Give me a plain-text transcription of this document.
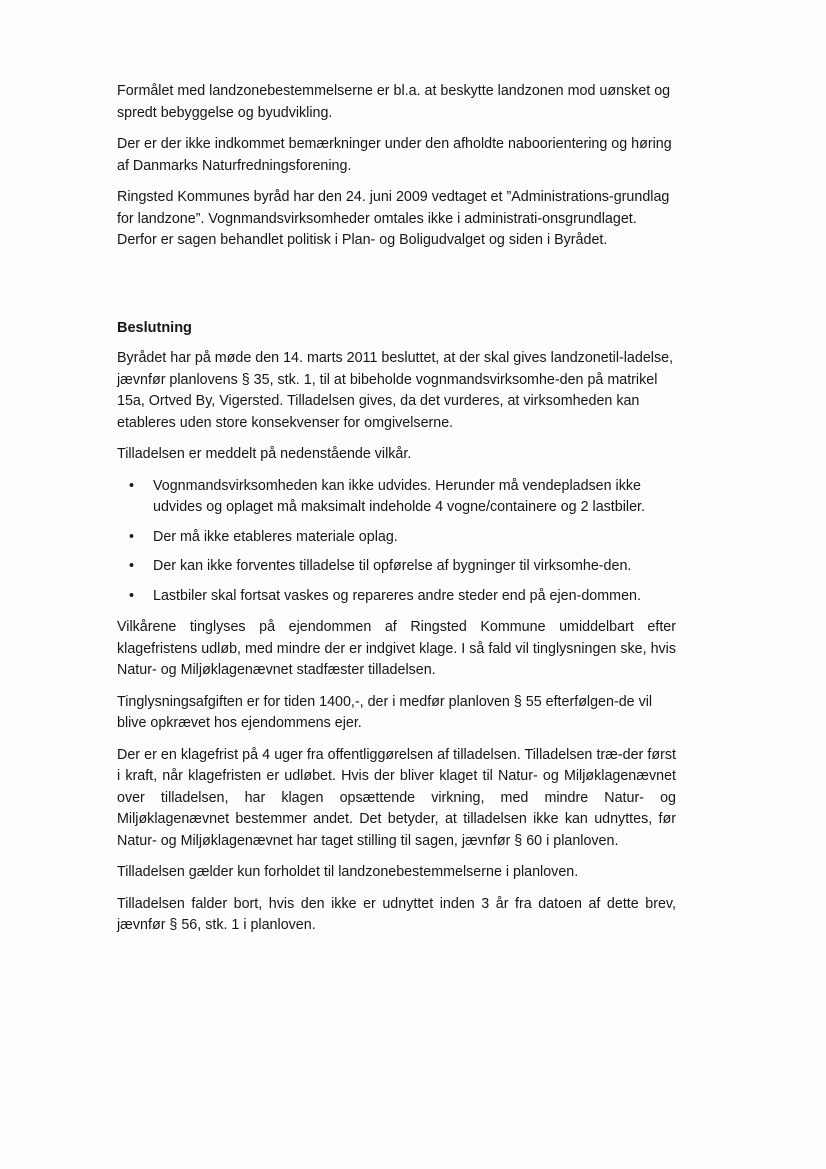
Formålet med landzonebestemmelserne er bl.a. at beskytte landzonen mod uønsket og spredt bebyggelse og byudvikling.

Der er der ikke indkommet bemærkninger under den afholdte naboorientering og høring af Danmarks Naturfredningsforening.

Ringsted Kommunes byråd har den 24. juni 2009 vedtaget et ”Administrations-grundlag for landzone”. Vognmandsvirksomheder omtales ikke i administrati-onsgrundlaget. Derfor er sagen behandlet politisk i Plan- og Boligudvalget og siden i Byrådet.

Beslutning

Byrådet har på møde den 14. marts 2011 besluttet, at der skal gives landzonetil-ladelse, jævnfør planlovens § 35, stk. 1, til at bibeholde vognmandsvirksomhe-den på matrikel 15a, Ortved By, Vigersted. Tilladelsen gives, da det vurderes, at virksomheden kan etableres uden store konsekvenser for omgivelserne.

Tilladelsen er meddelt på nedenstående vilkår.

• Vognmandsvirksomheden kan ikke udvides. Herunder må vendepladsen ikke udvides og oplaget må maksimalt indeholde 4 vogne/containere og 2 lastbiler.
• Der må ikke etableres materiale oplag.
• Der kan ikke forventes tilladelse til opførelse af bygninger til virksomhe-den.
• Lastbiler skal fortsat vaskes og repareres andre steder end på ejen-dommen.

Vilkårene tinglyses på ejendommen af Ringsted Kommune umiddelbart efter klagefristens udløb, med mindre der er indgivet klage. I så fald vil tinglysningen ske, hvis Natur- og Miljøklagenævnet stadfæster tilladelsen.

Tinglysningsafgiften er for tiden 1400,-, der i medfør planloven § 55 efterfølgen-de vil blive opkrævet hos ejendommens ejer.

Der er en klagefrist på 4 uger fra offentliggørelsen af tilladelsen. Tilladelsen træ-der først i kraft, når klagefristen er udløbet. Hvis der bliver klaget til Natur- og Miljøklagenævnet over tilladelsen, har klagen opsættende virkning, med mindre Natur- og Miljøklagenævnet bestemmer andet. Det betyder, at tilladelsen ikke kan udnyttes, før Natur- og Miljøklagenævnet har taget stilling til sagen, jævnfør § 60 i planloven.

Tilladelsen gælder kun forholdet til landzonebestemmelserne i planloven.

Tilladelsen falder bort, hvis den ikke er udnyttet inden 3 år fra datoen af dette brev, jævnfør § 56, stk. 1 i planloven.
